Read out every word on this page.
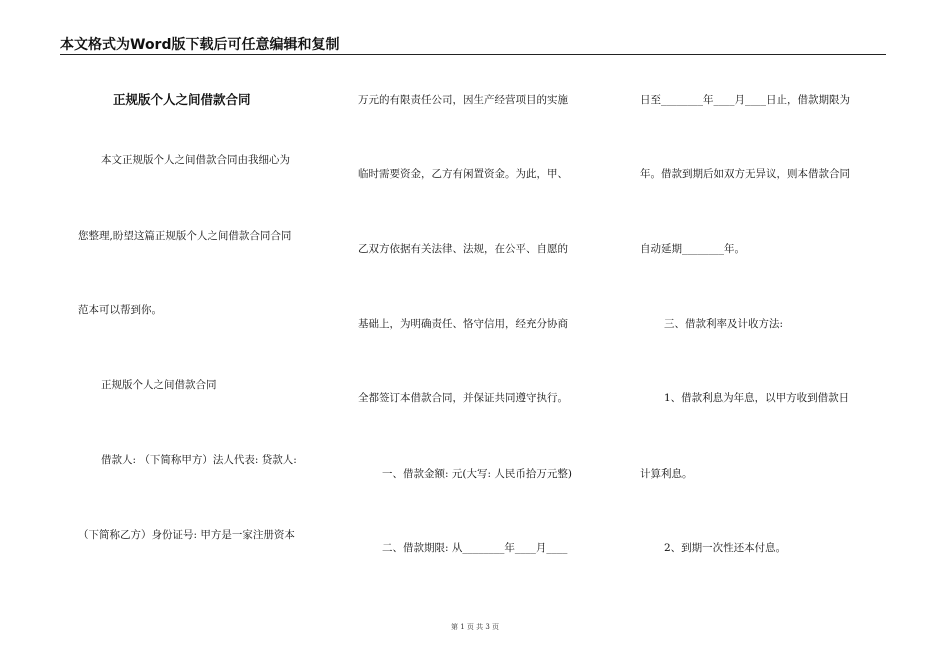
本文格式为Word版下载后可任意编辑和复制
正规版个人之间借款合同
本文正规版个人之间借款合同由我细心为
您整理,盼望这篇正规版个人之间借款合同合同
范本可以帮到你。
正规版个人之间借款合同
借款人: （下简称甲方）法人代表: 贷款人:
（下简称乙方）身份证号: 甲方是一家注册资本
万元的有限责任公司，因生产经营项目的实施
临时需要资金，乙方有闲置资金。为此，甲、
乙双方依据有关法律、法规，在公平、自愿的
基础上，为明确责任、恪守信用，经充分协商
全都签订本借款合同，并保证共同遵守执行。
一、借款金额: 元(大写: 人民币拾万元整)
二、借款期限: 从________年____月____
日至________年____月____日止，借款期限为
年。借款到期后如双方无异议，则本借款合同
自动延期________年。
三、借款利率及计收方法:
1、借款利息为年息，以甲方收到借款日
计算利息。
2、到期一次性还本付息。
第 1 页 共 3 页
